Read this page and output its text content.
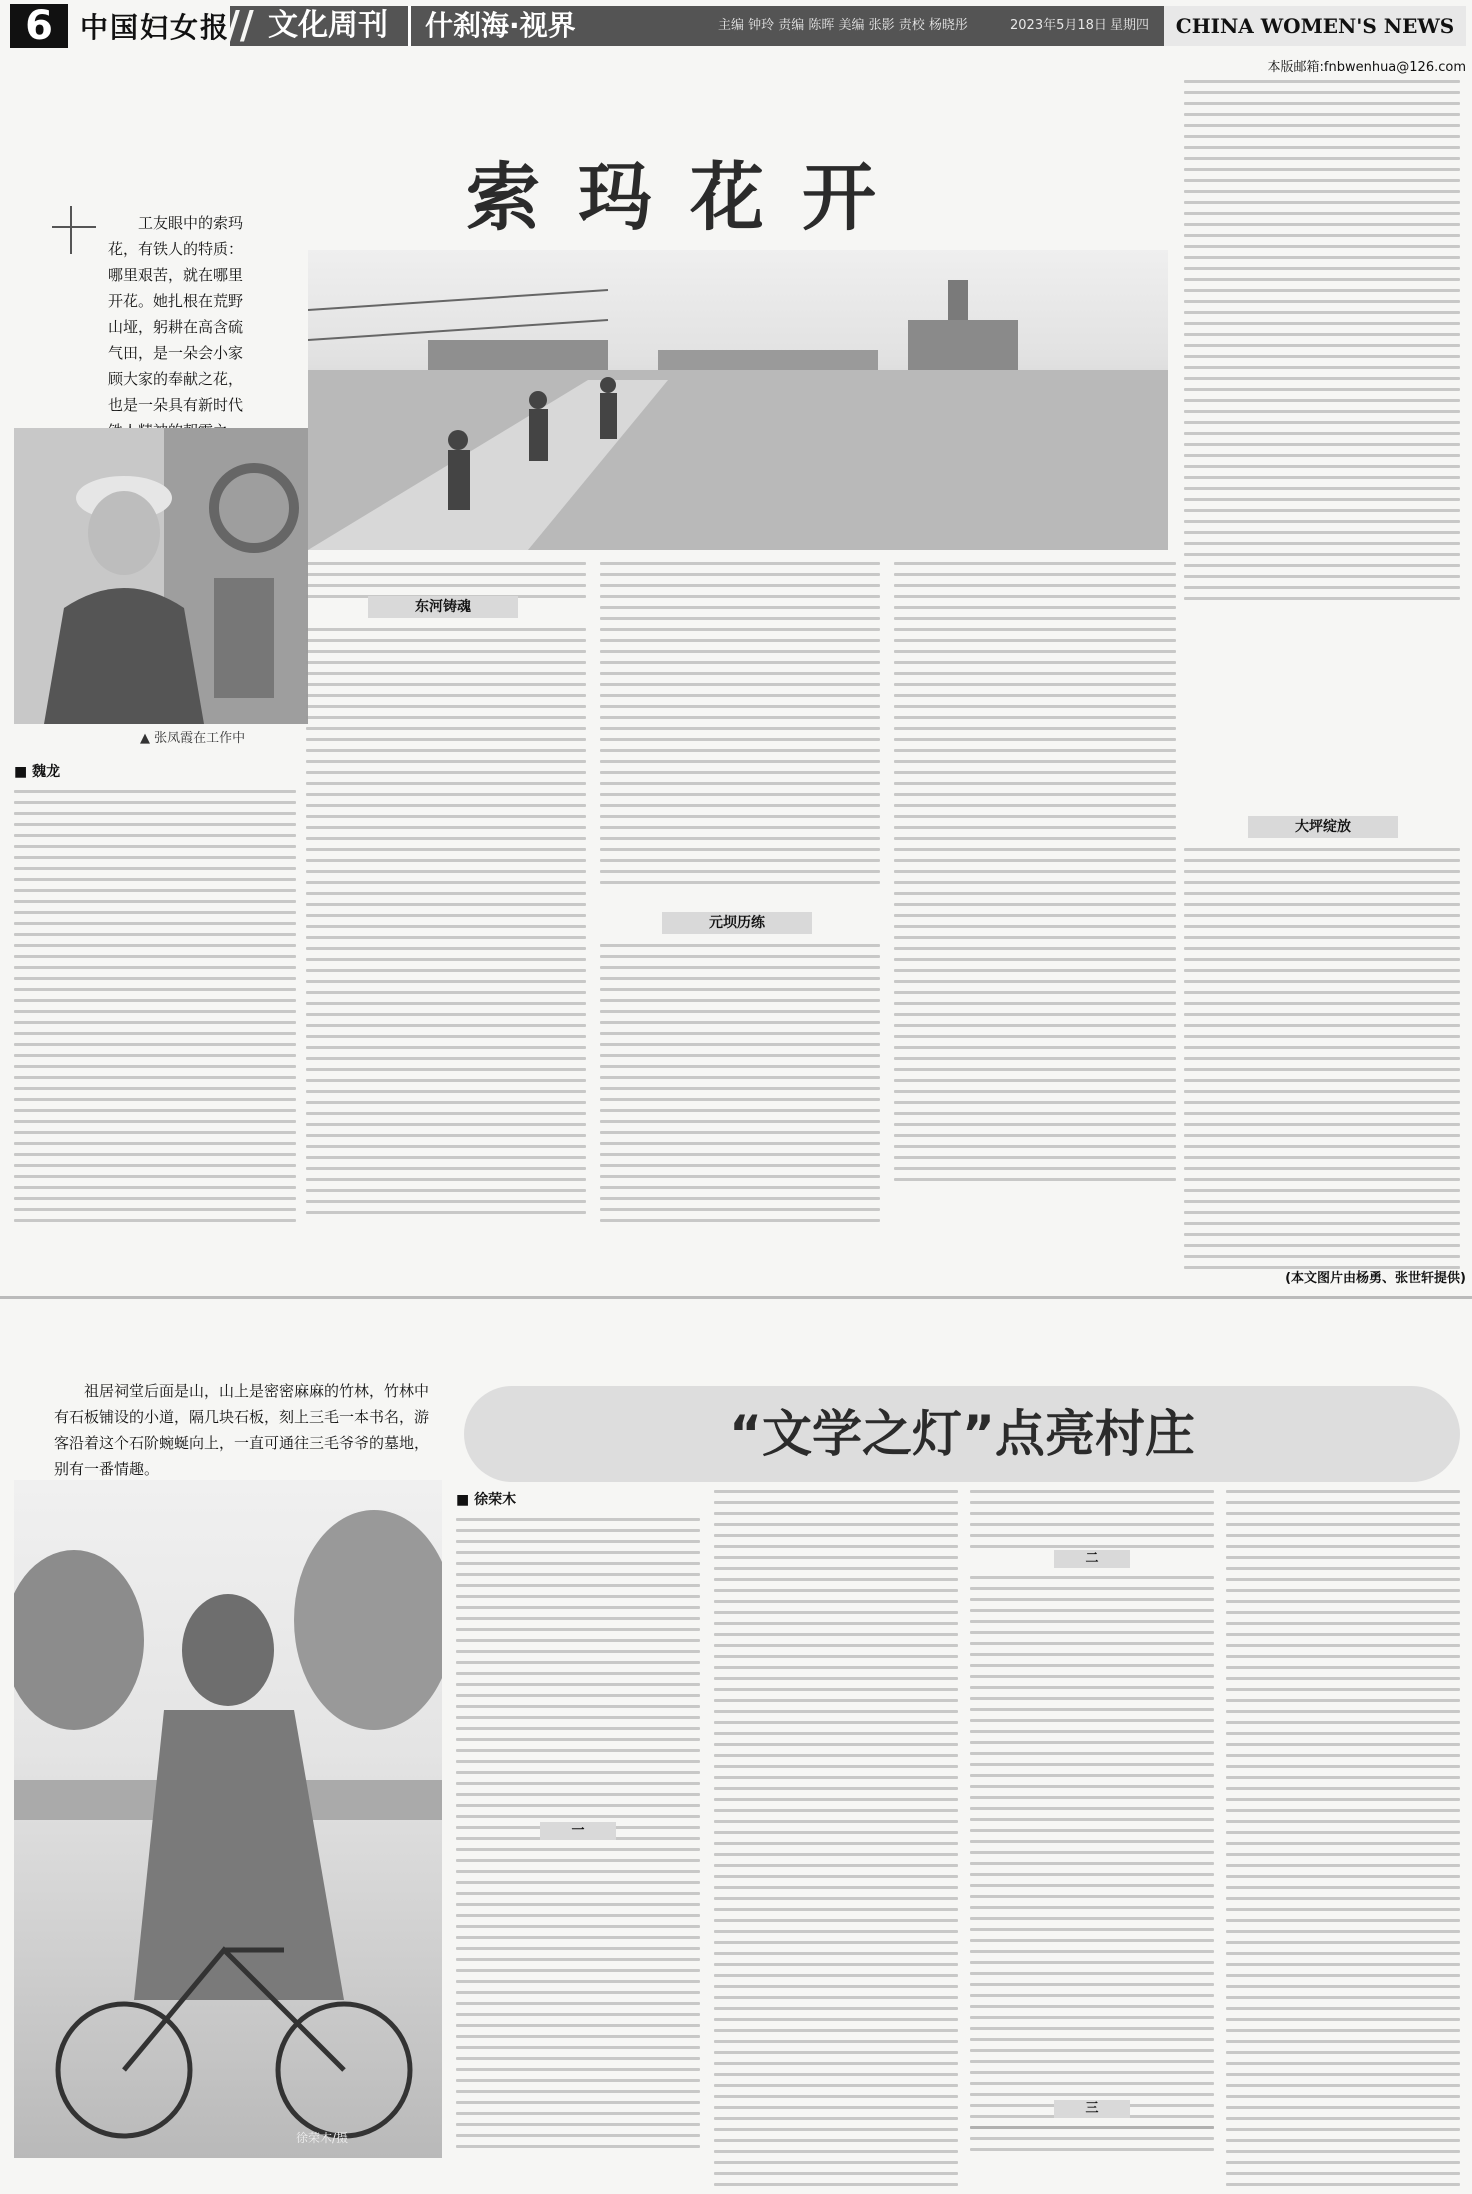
6 中国妇女报
// 文化周刊	什刹海·视界	主编 钟玲 责编 陈晖 美编 张影 责校 杨晓彤	2023年5月18日 星期四	CHINA WOMEN'S NEWS
本版邮箱:fnbwenhua@126.com
索玛花开
工友眼中的索玛花，有铁人的特质：哪里艰苦，就在哪里开花。她扎根在荒野山垭，躬耕在高含硫气田，是一朵会小家顾大家的奉献之花，也是一朵具有新时代
▲ 张凤霞在工作中
■ 魏龙
东河铸魂
元坝历练
大坪绽放
(本文图片由杨勇、张世轩提供)
祖居祠堂后面是山，山上是密密麻麻的竹林，竹林中有石板铺设的小道，隔几块石板，刻上三毛一本书名，游客沿着这个石阶蜿蜒向上，一直可通往三毛爷爷的墓地，别有一番情趣。
“文学之灯”点亮村庄
徐荣木/摄
■ 徐荣木
一
二
三
